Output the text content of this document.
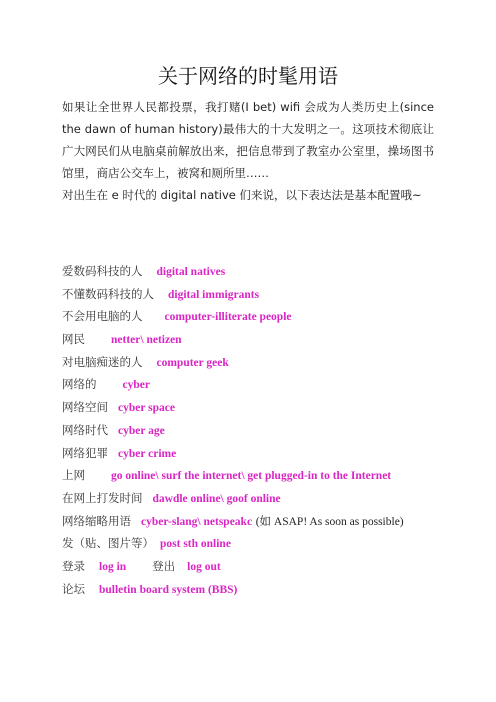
关于网络的时髦用语

如果让全世界人民都投票，我打赌(I bet) wifi 会成为人类历史上(since the dawn of human history)最伟大的十大发明之一。这项技术彻底让广大网民们从电脑桌前解放出来，把信息带到了教室办公室里，操场图书馆里，商店公交车上，被窝和厕所里……

对出生在 e 时代的 digital native 们来说，以下表达法是基本配置哦~

爱数码科技的人 digital natives
不懂数码科技的人 digital immigrants
不会用电脑的人 computer-illiterate people
网民 netter\ netizen
对电脑痴迷的人 computer geek
网络的 cyber
网络空间 cyber space
网络时代 cyber age
网络犯罪 cyber crime
上网 go online\ surf the internet\ get plugged-in to the Internet
在网上打发时间 dawdle online\ goof online
网络缩略用语 cyber-slang\ netspeakc (如 ASAP! As soon as possible)
发（贴、图片等） post sth online
登录 log in 登出 log out
论坛 bulletin board system (BBS)
